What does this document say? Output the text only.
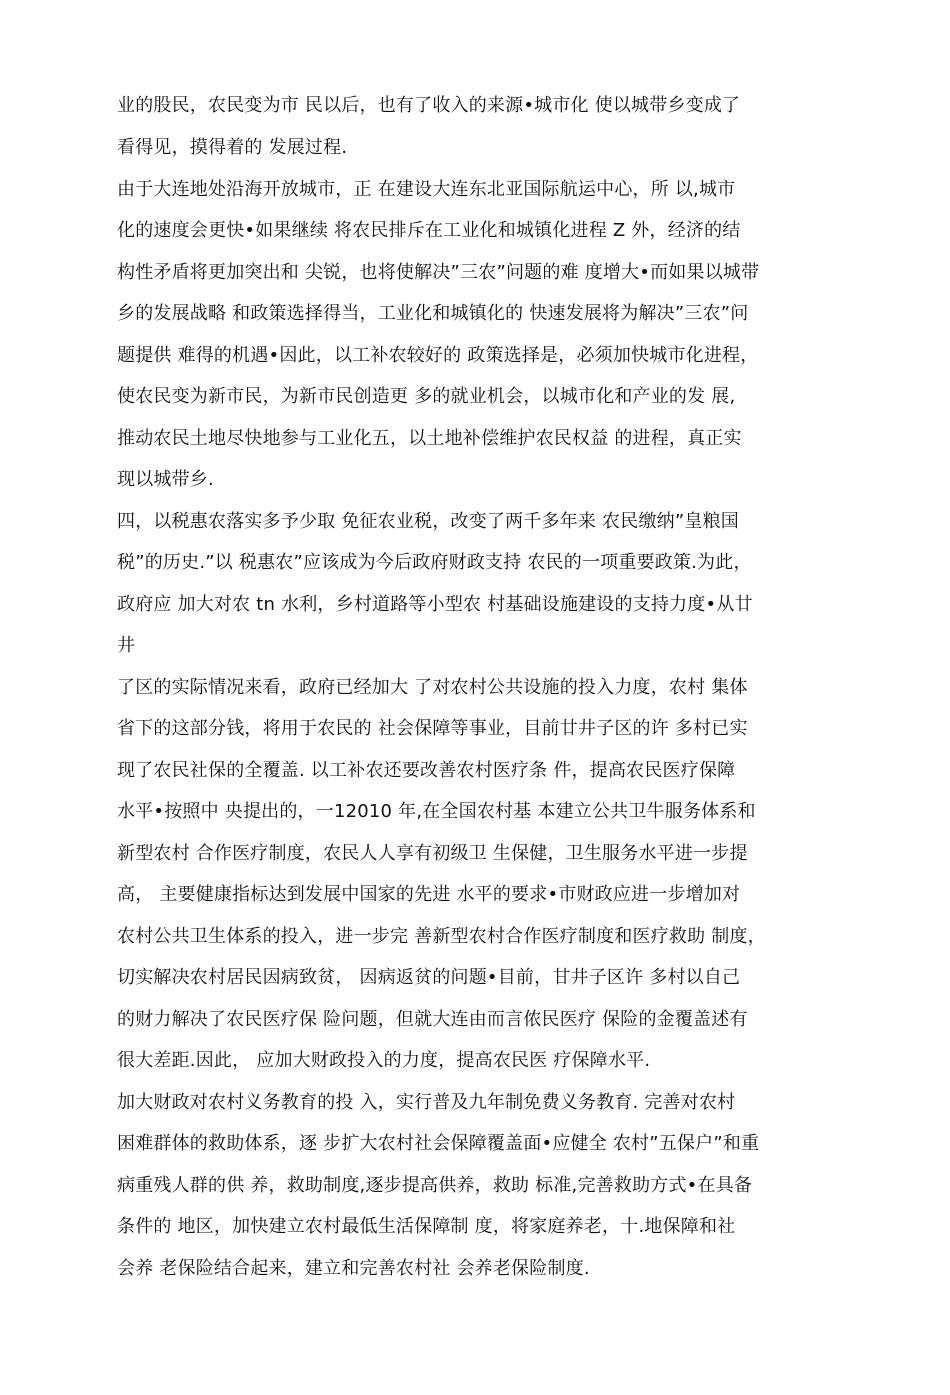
业的股民，农民变为市 民以后，也有了收入的来源•城市化 使以城带乡变成了
看得见，摸得着的 发展过程.
由于大连地处沿海开放城市，正 在建设大连东北亚国际航运中心，所 以,城市
化的速度会更快•如果继续 将农民排斥在工业化和城镇化进程 Z 外，经济的结
构性矛盾将更加突出和 尖锐，也将使解决”三农”问题的难 度增大•而如果以城带
乡的发展战略 和政策选择得当，工业化和城镇化的 快速发展将为解决”三农”问
题提供 难得的机遇•因此，以工补农较好的 政策选择是，必须加快城市化进程，
使农民变为新市民，为新市民创造更 多的就业机会，以城市化和产业的发 展,
推动农民土地尽快地参与工业化五，以土地补偿维护农民权益 的进程，真正实
现以城带乡.
四，以税惠农落实多予少取 免征农业税，改变了两千多年来 农民缴纳”皇粮国
税”的历史.”以 税惠农”应该成为今后政府财政支持 农民的一项重要政策.为此，
政府应 加大对农 tn 水利，乡村道路等小型农 村基础设施建设的支持力度•从廿
井
了区的实际情况来看，政府已经加大 了对农村公共设施的投入力度，农村 集体
省下的这部分钱，将用于农民的 社会保障等事业，目前廿井子区的许 多村已实
现了农民社保的全覆盖. 以工补农还要改善农村医疗条 件，提高农民医疗保障
水平•按照中 央提出的，一12010 年,在全国农村基 本建立公共卫牛服务体系和
新型农村 合作医疗制度，农民人人享有初级卫 生保健，卫生服务水平进一步提
高， 主要健康指标达到发展中国家的先进 水平的要求•市财政应进一步增加对
农村公共卫生体系的投入，进一步完 善新型农村合作医疗制度和医疗救助 制度，
切实解决农村居民因病致贫， 因病返贫的问题•目前，甘井子区许 多村以自己
的财力解决了农民医疗保 险问题，但就大连由而言侬民医疗 保险的金覆盖述有
很大差距.因此， 应加大财政投入的力度，提高农民医 疗保障水平.
加大财政对农村义务教育的投 入，实行普及九年制免费义务教育. 完善对农村
困难群体的救助体系，逐 步扩大农村社会保障覆盖面•应健全 农村”五保户”和重
病重残人群的供 养，救助制度,逐步提高供养，救助 标准,完善救助方式•在具备
条件的 地区，加快建立农村最低生活保障制 度，将家庭养老，十.地保障和社
会养 老保险结合起来，建立和完善农村社 会养老保险制度.
